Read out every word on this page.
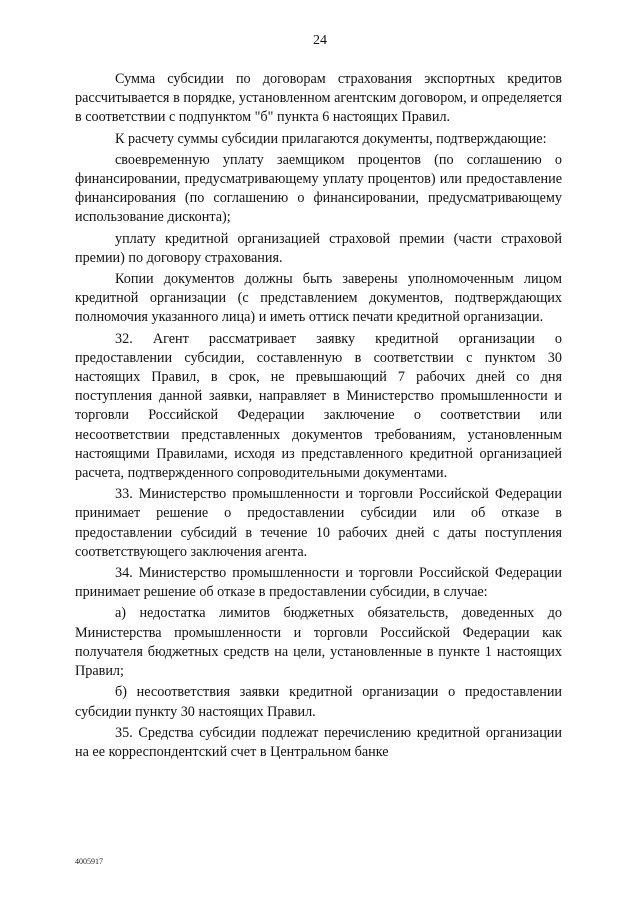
24

Сумма субсидии по договорам страхования экспортных кредитов рассчитывается в порядке, установленном агентским договором, и определяется в соответствии с подпунктом "б" пункта 6 настоящих Правил.

К расчету суммы субсидии прилагаются документы, подтверждающие:

своевременную уплату заемщиком процентов (по соглашению о финансировании, предусматривающему уплату процентов) или предоставление финансирования (по соглашению о финансировании, предусматривающему использование дисконта);

уплату кредитной организацией страховой премии (части страховой премии) по договору страхования.

Копии документов должны быть заверены уполномоченным лицом кредитной организации (с представлением документов, подтверждающих полномочия указанного лица) и иметь оттиск печати кредитной организации.

32. Агент рассматривает заявку кредитной организации о предоставлении субсидии, составленную в соответствии с пунктом 30 настоящих Правил, в срок, не превышающий 7 рабочих дней со дня поступления данной заявки, направляет в Министерство промышленности и торговли Российской Федерации заключение о соответствии или несоответствии представленных документов требованиям, установленным настоящими Правилами, исходя из представленного кредитной организацией расчета, подтвержденного сопроводительными документами.

33. Министерство промышленности и торговли Российской Федерации принимает решение о предоставлении субсидии или об отказе в предоставлении субсидий в течение 10 рабочих дней с даты поступления соответствующего заключения агента.

34. Министерство промышленности и торговли Российской Федерации принимает решение об отказе в предоставлении субсидии, в случае:

а) недостатка лимитов бюджетных обязательств, доведенных до Министерства промышленности и торговли Российской Федерации как получателя бюджетных средств на цели, установленные в пункте 1 настоящих Правил;

б) несоответствия заявки кредитной организации о предоставлении субсидии пункту 30 настоящих Правил.

35. Средства субсидии подлежат перечислению кредитной организации на ее корреспондентский счет в Центральном банке

4005917
